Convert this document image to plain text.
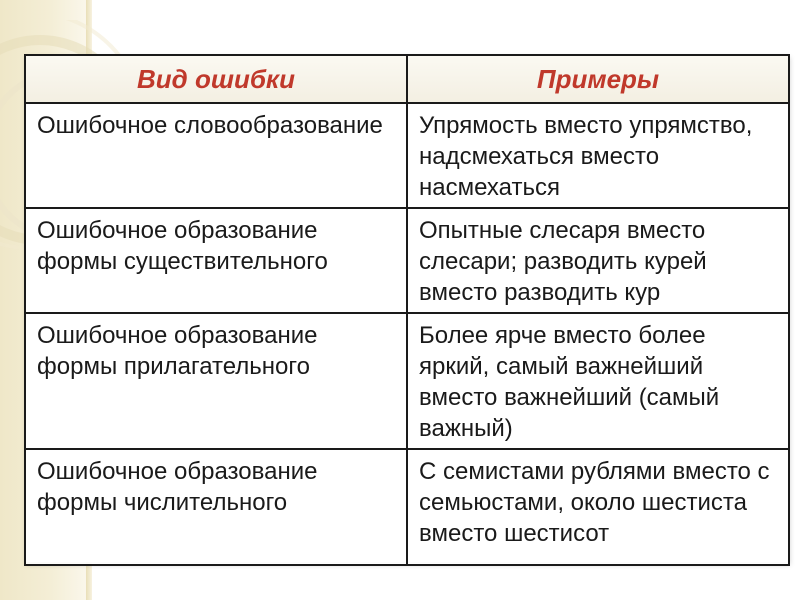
Вид ошибки	Примеры
Ошибочное словообразование	Упрямость вместо упрямство, надсмехаться вместо насмехаться
Ошибочное образование формы существительного	Опытные слесаря вместо слесари; разводить курей вместо разводить кур
Ошибочное образование формы прилагательного	Более ярче вместо более яркий, самый важнейший вместо важнейший (самый важный)
Ошибочное образование формы числительного	С семистами рублями вместо с семьюстами, около шестиста вместо шестисот
